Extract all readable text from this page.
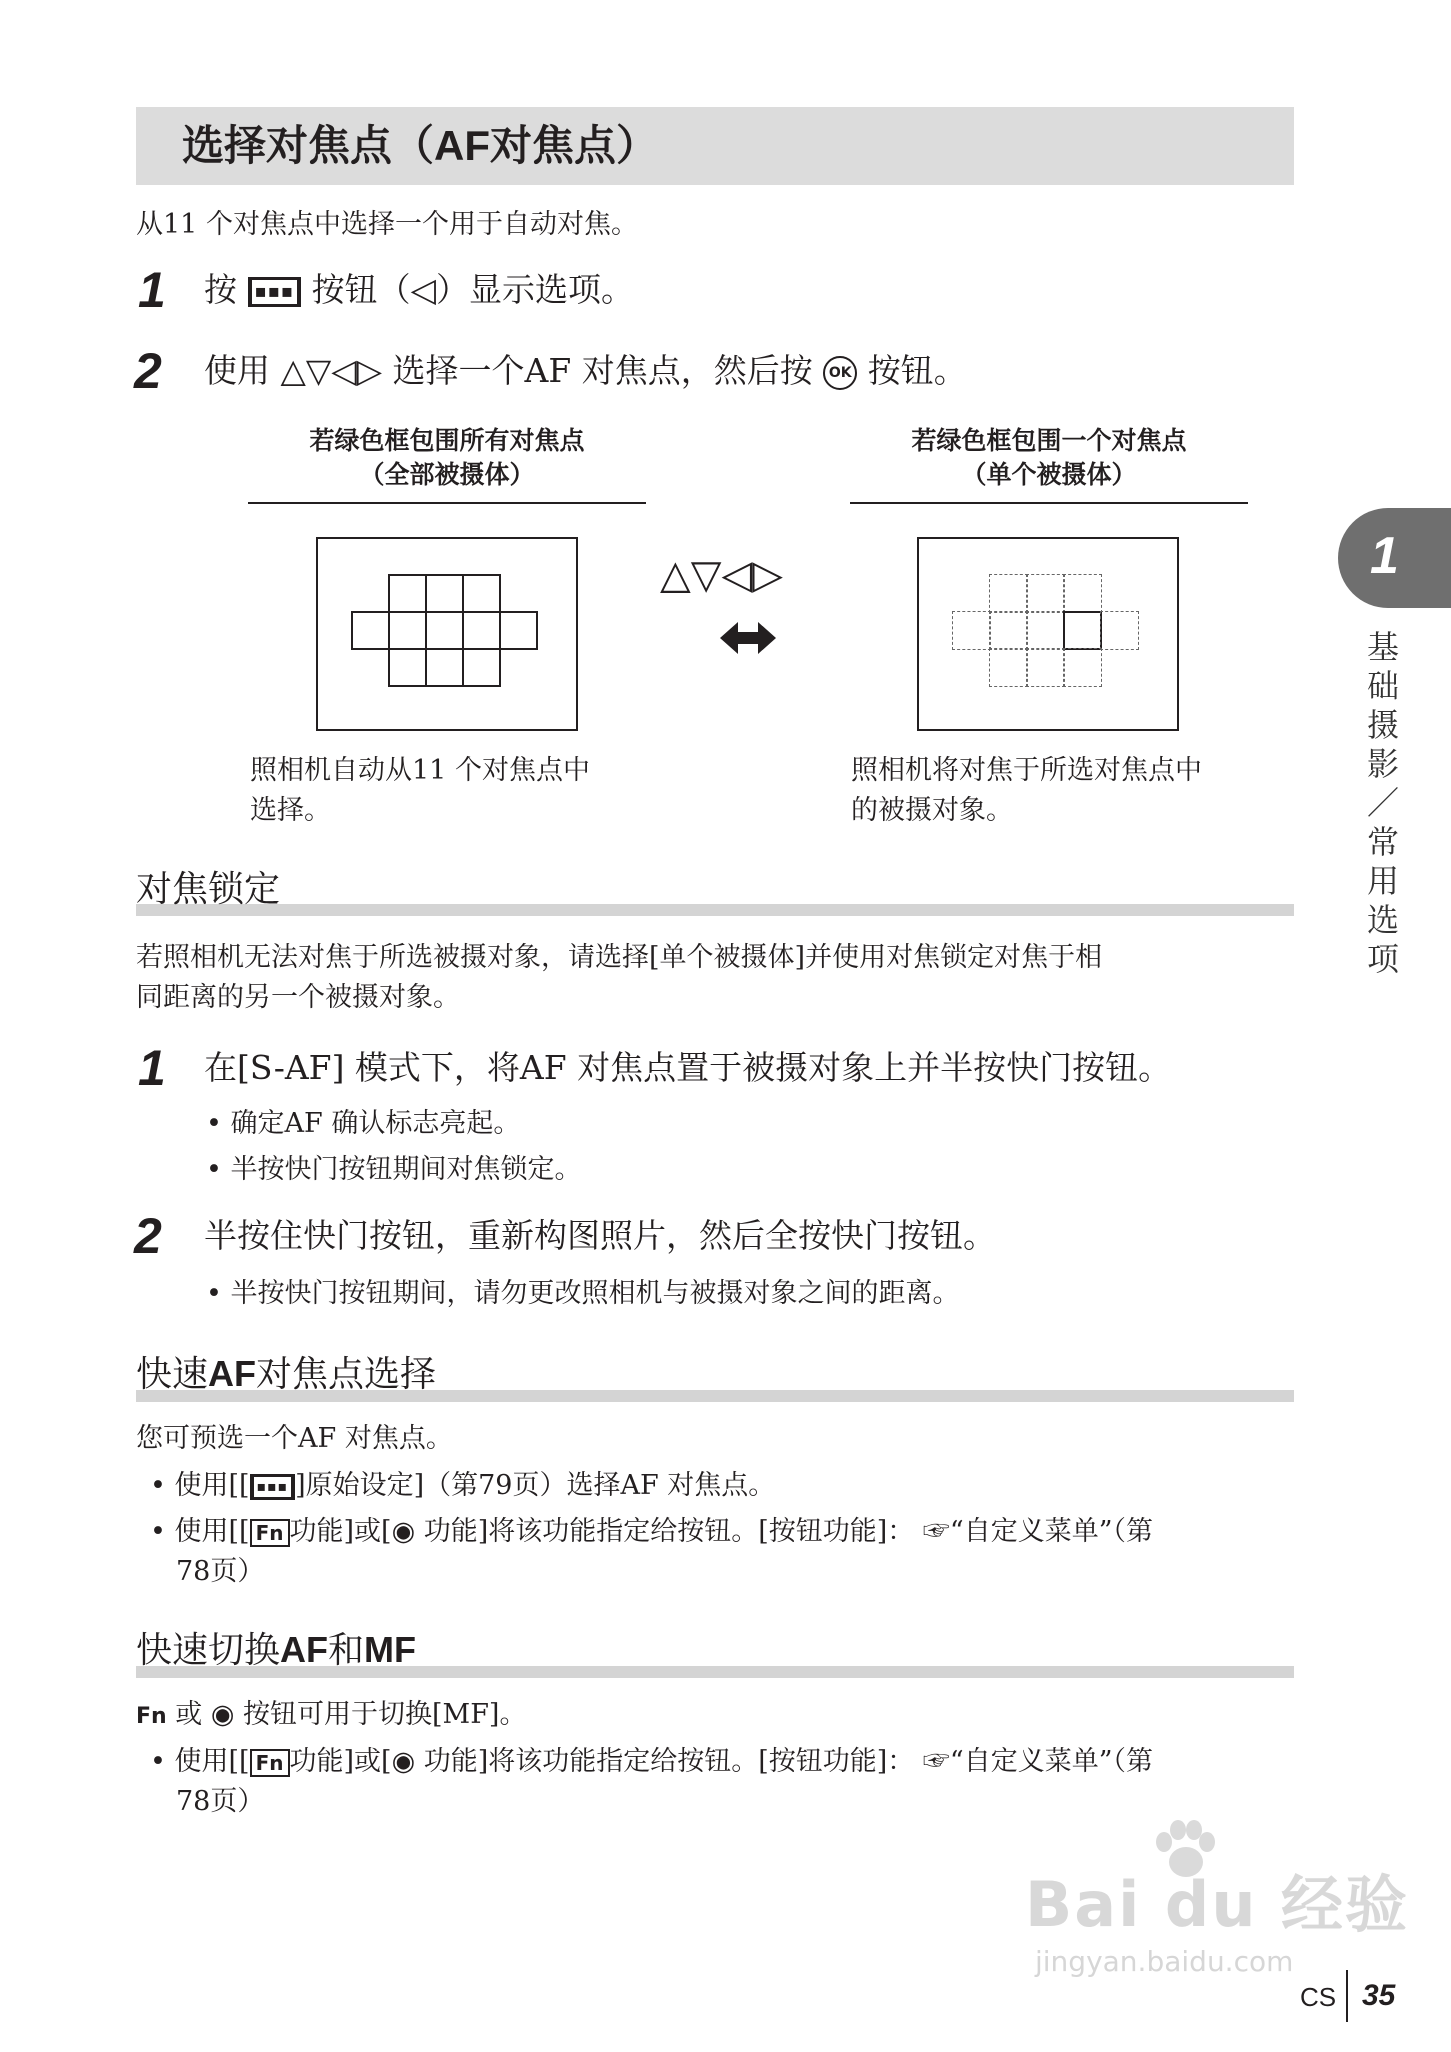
选择对焦点（AF对焦点）
从11 个对焦点中选择一个用于自动对焦。
1 按 ▪▪▪ 按钮（◁）显示选项。
2 使用 △▽◁▷ 选择一个AF 对焦点，然后按 OK 按钮。
若绿色框包围所有对焦点
（全部被摄体）
照相机自动从11 个对焦点中
选择。
△▽◁▷
若绿色框包围一个对焦点
（单个被摄体）
照相机将对焦于所选对焦点中
的被摄对象。
对焦锁定
若照相机无法对焦于所选被摄对象，请选择[单个被摄体]并使用对焦锁定对焦于相
同距离的另一个被摄对象。
1 在[S-AF] 模式下，将AF 对焦点置于被摄对象上并半按快门按钮。
• 确定AF 确认标志亮起。
• 半按快门按钮期间对焦锁定。
2 半按住快门按钮，重新构图照片，然后全按快门按钮。
• 半按快门按钮期间，请勿更改照相机与被摄对象之间的距离。
快速AF对焦点选择
您可预选一个AF 对焦点。
• 使用[[ ▪▪▪ ]原始设定]（第79页）选择AF 对焦点。
• 使用[[ Fn 功能]或[◉ 功能]将该功能指定给按钮。[按钮功能]： ☞“自定义菜单”（第
78页）
快速切换AF和MF
Fn 或 ◉ 按钮可用于切换[MF]。
• 使用[[ Fn 功能]或[◉ 功能]将该功能指定给按钮。[按钮功能]： ☞“自定义菜单”（第
78页）
1
基础摄影／常用选项
Bai du 经验
jingyan.baidu.com
CS 35
